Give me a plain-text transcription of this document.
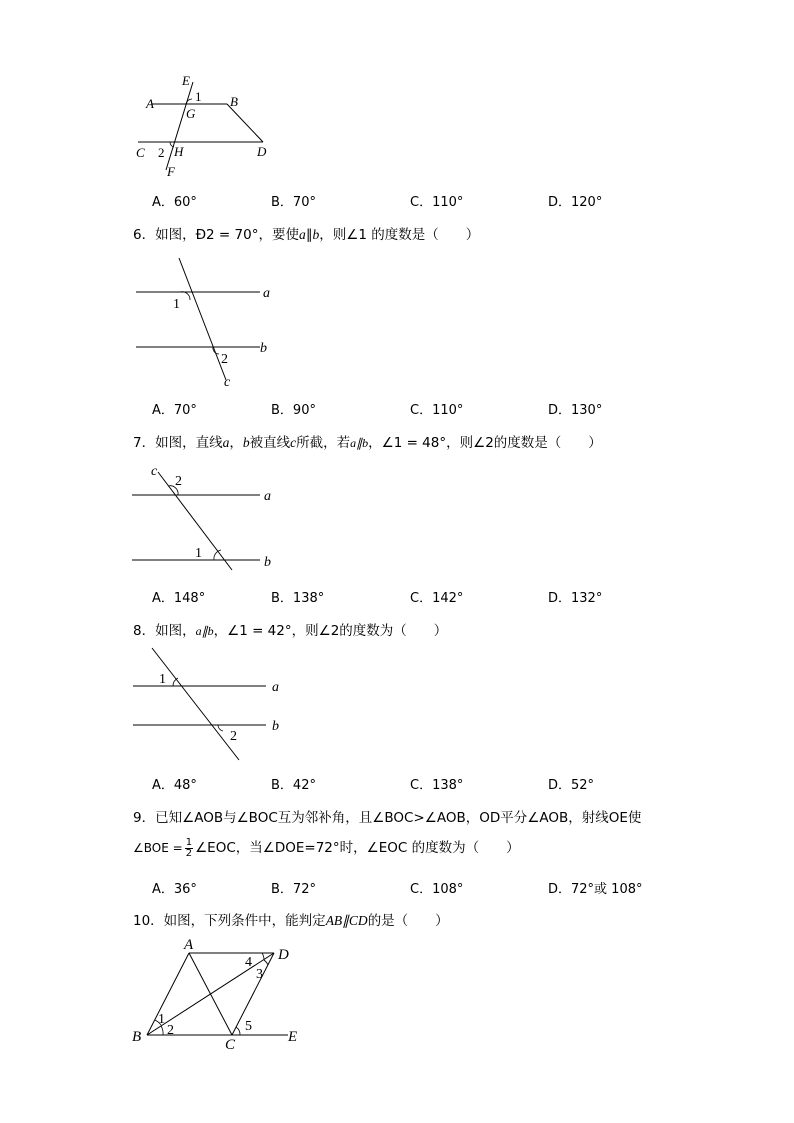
E
1
A
G
B
C 2 H	D
F
A．60°	B．70°	C．110°	D．120°
6．如图，Ð2 = 70°，要使a∥b，则∠1 的度数是（　　）
a
b
c
1
2
A．70°	B．90°	C．110°	D．130°
7．如图，直线a，b被直线c所截，若a∥b，∠1 = 48°，则∠2的度数是（　　）
c
2
a
1
b
A．148°	B．138°	C．142°	D．132°
8．如图，a∥b，∠1 = 42°，则∠2的度数为（　　）
1
a
b
2
A．48°	B．42°	C．138°	D．52°
9．已知∠AOB与∠BOC互为邻补角，且∠BOC>∠AOB，OD平分∠AOB，射线OE使
∠BOE = $\frac{1}{2}$ ∠EOC，当∠DOE=72°时，∠EOC 的度数为（　　）
A．36°	B．72°	C．108°	D．72°或 108°
10．如图，下列条件中，能判定AB∥CD的是（　　）
A
D
4
3
1
2	5
B	C	E
